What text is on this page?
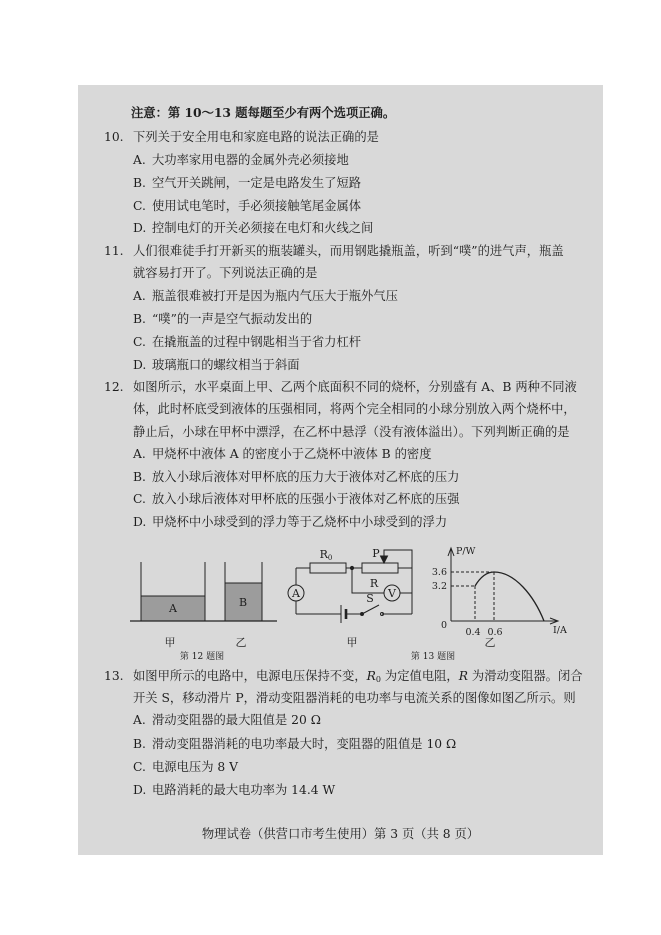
注意：第 10～13 题每题至少有两个选项正确。
10. 下列关于安全用电和家庭电路的说法正确的是
A. 大功率家用电器的金属外壳必须接地
B. 空气开关跳闸，一定是电路发生了短路
C. 使用试电笔时，手必须接触笔尾金属体
D. 控制电灯的开关必须接在电灯和火线之间
11. 人们很难徒手打开新买的瓶装罐头，而用钢匙撬瓶盖，听到“噗”的进气声，瓶盖
就容易打开了。下列说法正确的是
A. 瓶盖很难被打开是因为瓶内气压大于瓶外气压
B. “噗”的一声是空气振动发出的
C. 在撬瓶盖的过程中钢匙相当于省力杠杆
D. 玻璃瓶口的螺纹相当于斜面
12. 如图所示，水平桌面上甲、乙两个底面积不同的烧杯，分别盛有 A、B 两种不同液
体，此时杯底受到液体的压强相同，将两个完全相同的小球分别放入两个烧杯中，
静止后，小球在甲杯中漂浮，在乙杯中悬浮（没有液体溢出）。下列判断正确的是
A. 甲烧杯中液体 A 的密度小于乙烧杯中液体 B 的密度
B. 放入小球后液体对甲杯底的压力大于液体对乙杯底的压力
C. 放入小球后液体对甲杯底的压强小于液体对乙杯底的压强
D. 甲烧杯中小球受到的浮力等于乙烧杯中小球受到的浮力
A	B
甲	乙
第 12 题图
R0	P
R
V
A	S
甲
P/W
I/A
0
3.6
3.2
0.4 0.6
乙
第 13 题图
13. 如图甲所示的电路中，电源电压保持不变，$R_0$ 为定值电阻，R 为滑动变阻器。闭合
开关 S，移动滑片 P，滑动变阻器消耗的电功率与电流关系的图像如图乙所示。则
A. 滑动变阻器的最大阻值是 20 Ω
B. 滑动变阻器消耗的电功率最大时，变阻器的阻值是 10 Ω
C. 电源电压为 8 V
D. 电路消耗的最大电功率为 14.4 W
物理试卷（供营口市考生使用）第 3 页（共 8 页）
